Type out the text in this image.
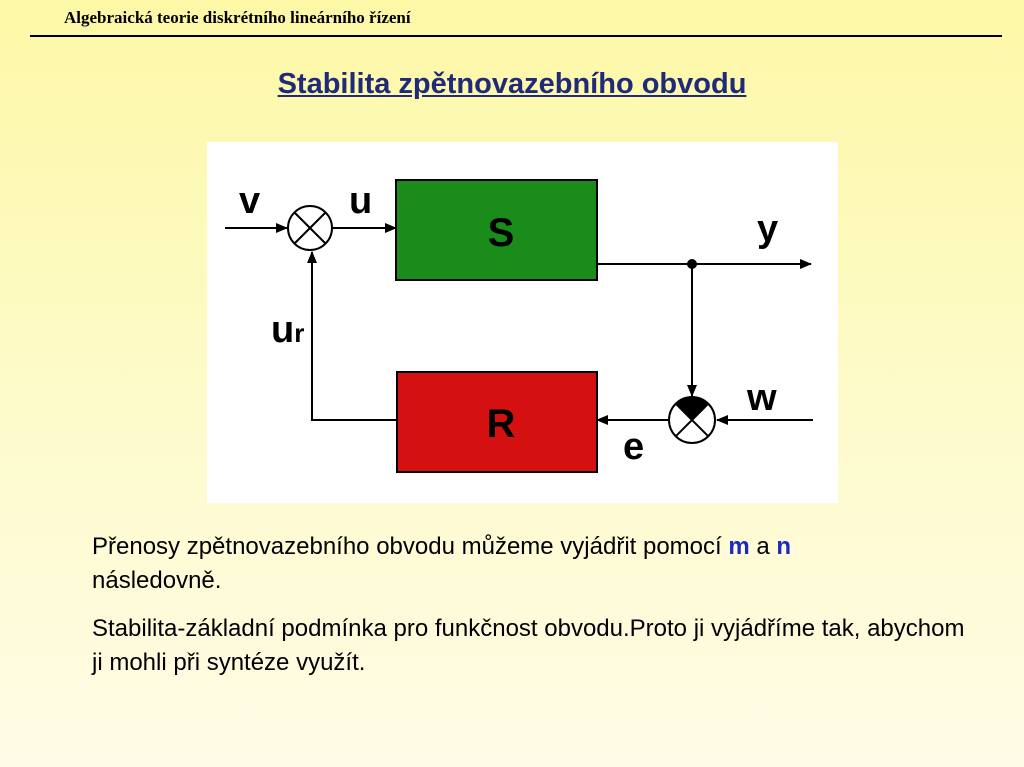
Algebraická teorie diskrétního lineárního řízení
Stabilita zpětnovazebního obvodu
S
R
v u
y
ur
w
e
Přenosy zpětnovazebního obvodu můžeme vyjádřit pomocí m a n
následovně.
Stabilita-základní podmínka pro funkčnost obvodu.Proto ji vyjádříme tak, abychom ji mohli při syntéze využít.
